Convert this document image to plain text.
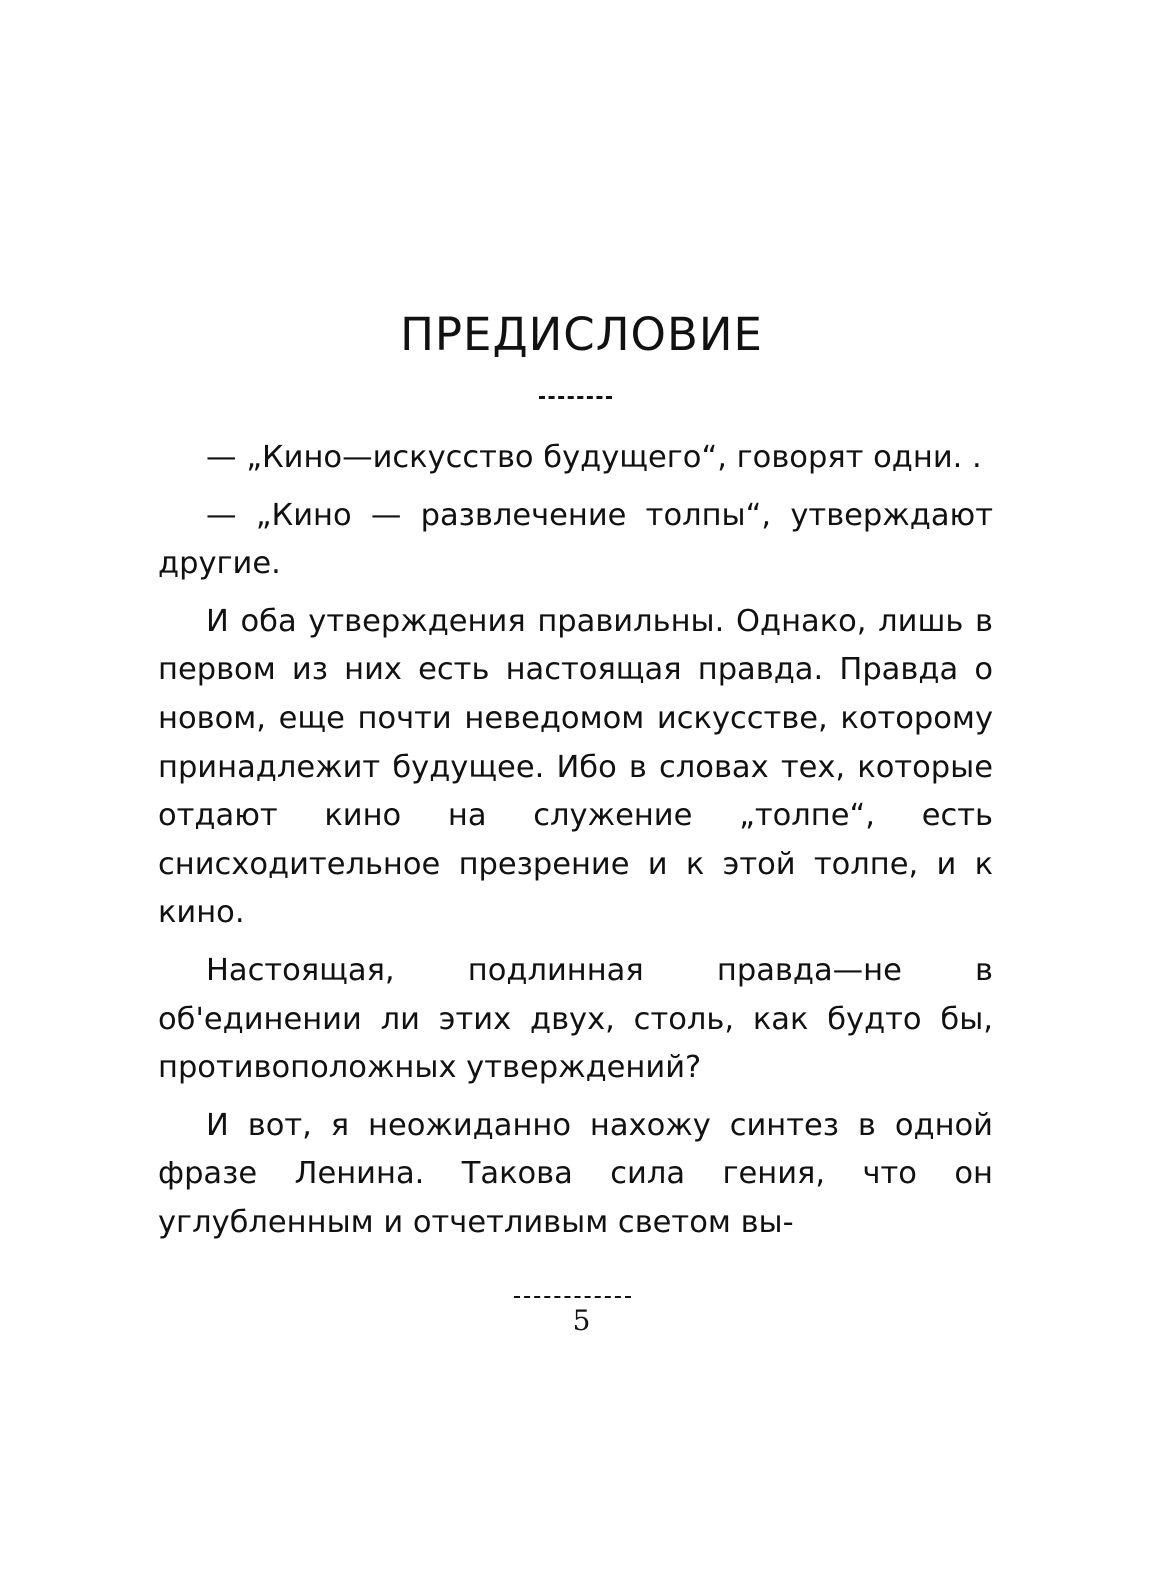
ПРЕДИСЛОВИЕ

— „Кино—искусство будущего“, говорят одни. .

— „Кино — развлечение толпы“, утверждают другие.

И оба утверждения правильны. Однако, лишь в первом из них есть настоящая правда. Правда о новом, еще почти неведомом искусстве, которому принадлежит будущее. Ибо в словах тех, которые отдают кино на служение „толпе“, есть снисходительное презрение и к этой толпе, и к кино.

Настоящая, подлинная правда—не в об'единении ли этих двух, столь, как будто бы, противоположных утверждений?

И вот, я неожиданно нахожу синтез в одной фразе Ленина. Такова сила гения, что он углубленным и отчетливым светом вы-

5
